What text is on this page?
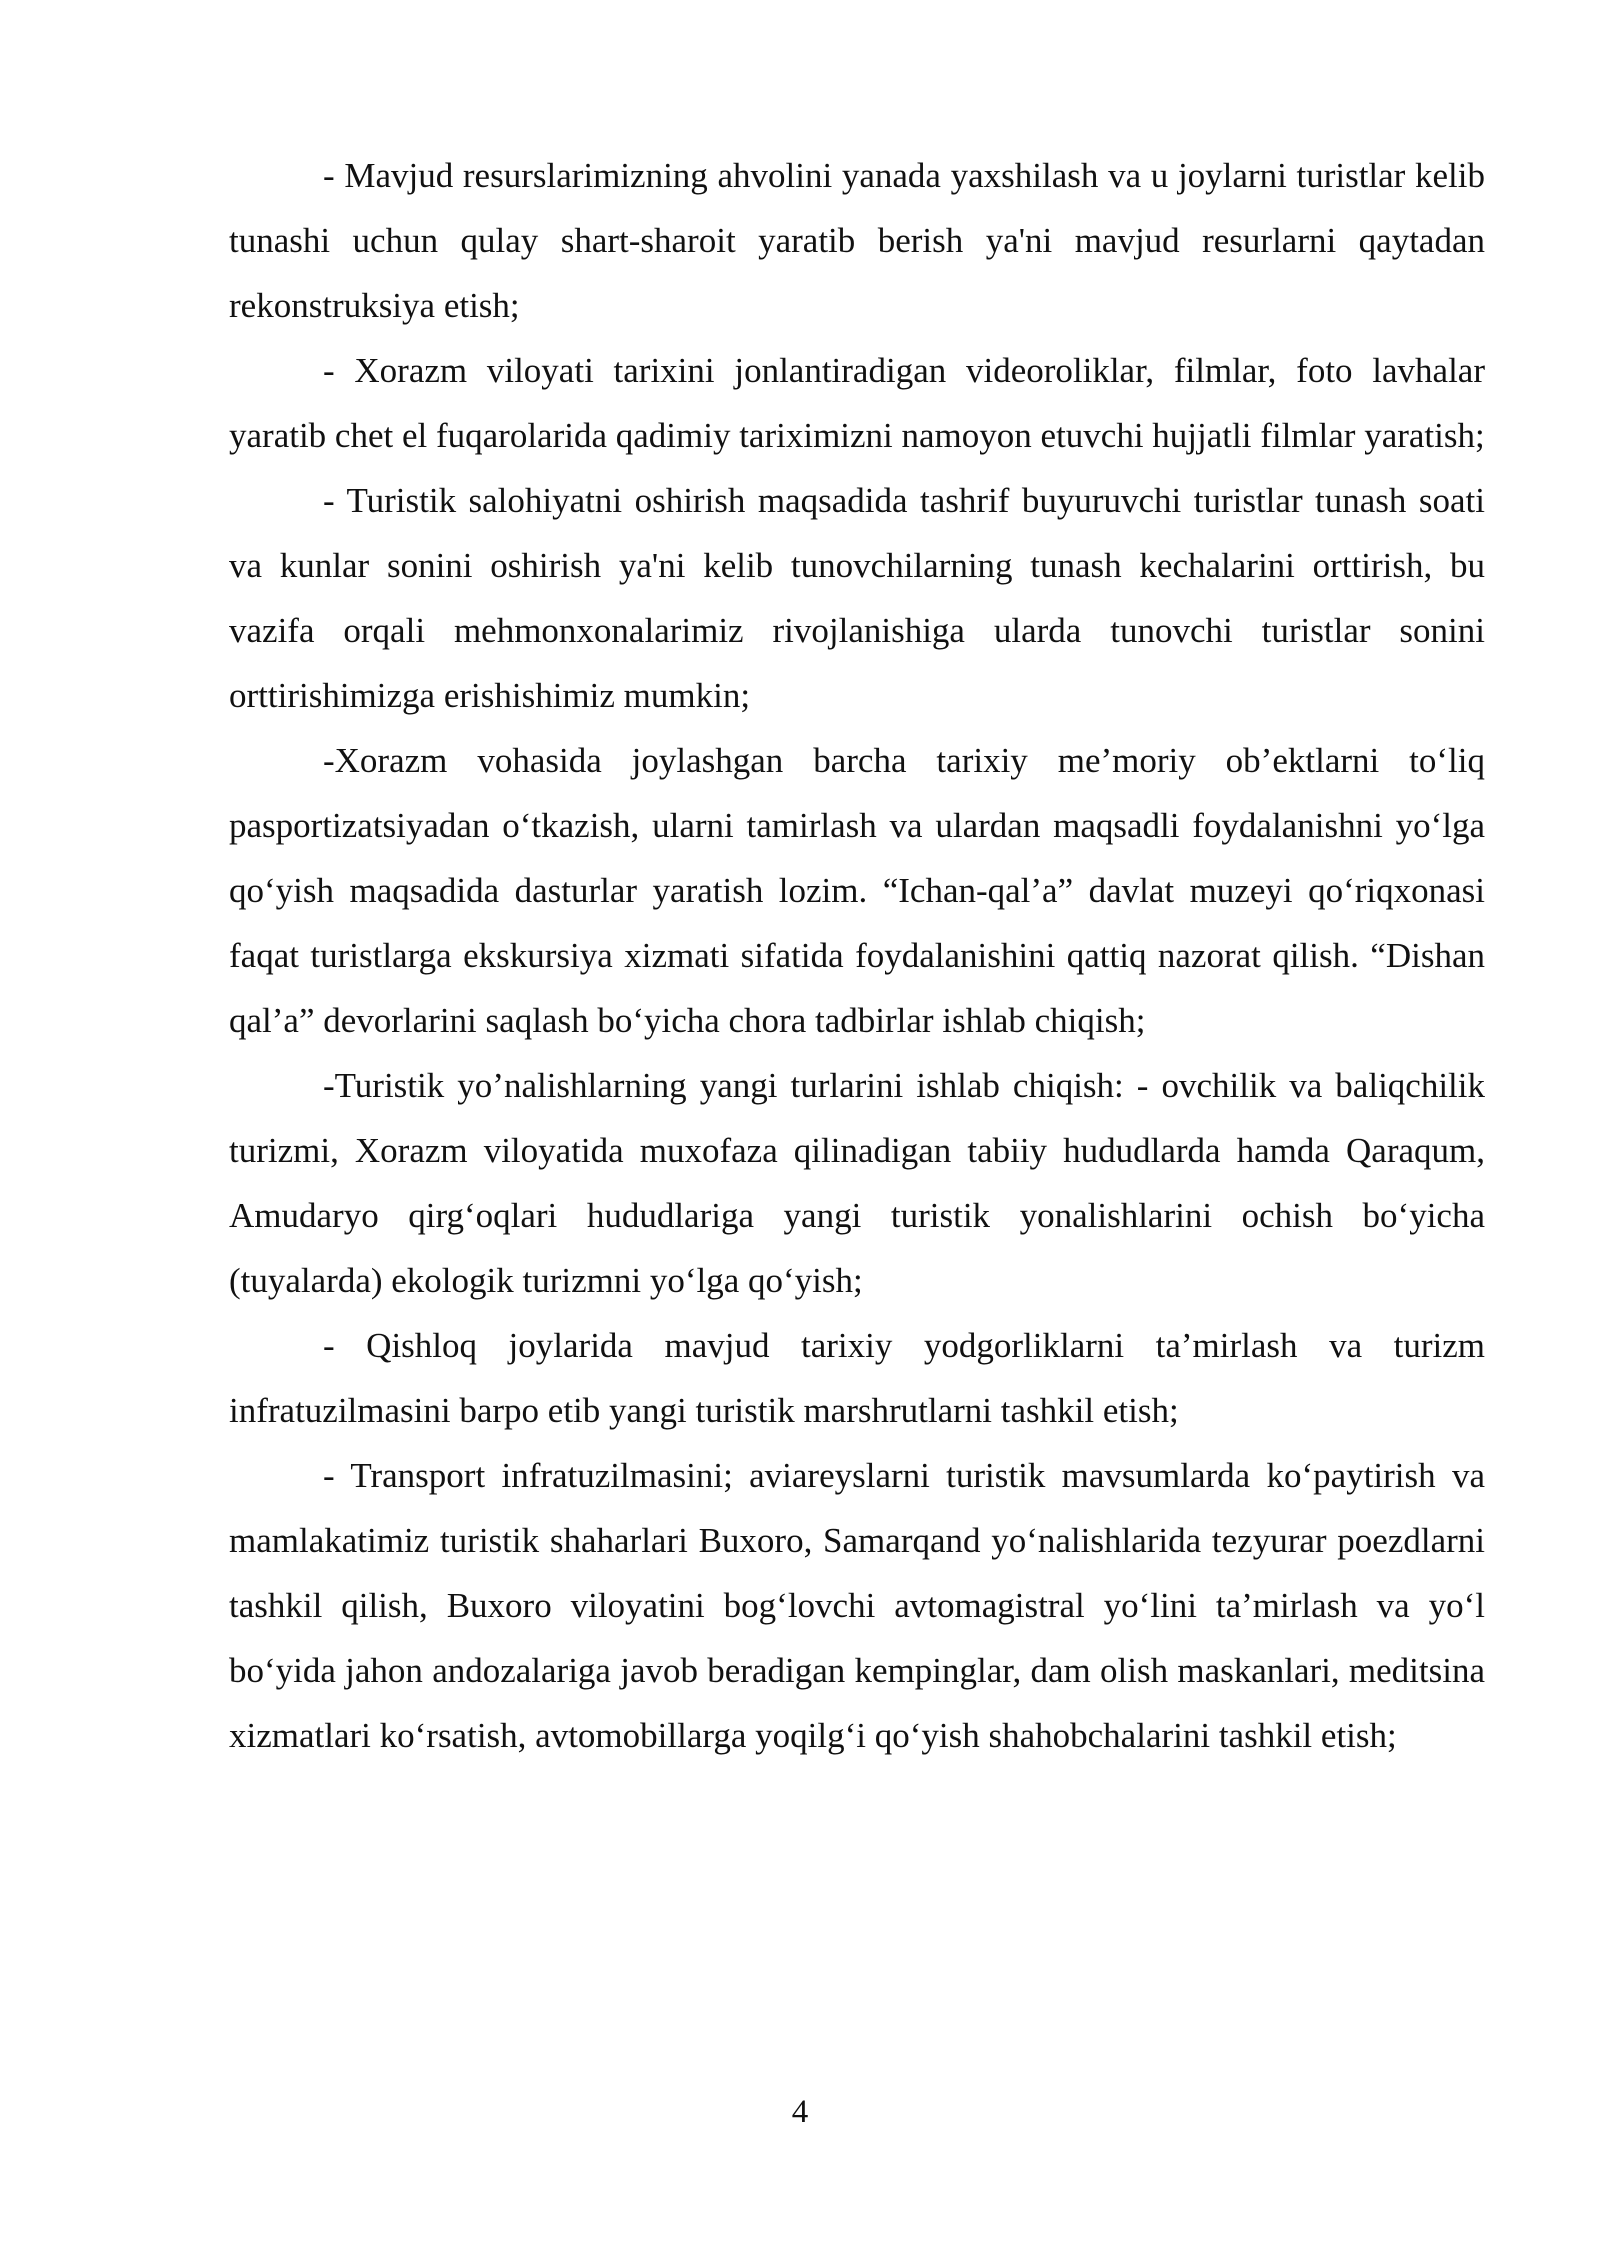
- Mavjud resurslarimizning ahvolini yanada yaxshilash va u joylarni turistlar kelib tunashi uchun qulay shart-sharoit yaratib berish ya'ni mavjud resurlarni qaytadan rekonstruksiya etish;

- Xorazm viloyati tarixini jonlantiradigan videoroliklar, filmlar, foto lavhalar yaratib chet el fuqarolarida qadimiy tariximizni namoyon etuvchi hujjatli filmlar yaratish;

- Turistik salohiyatni oshirish maqsadida tashrif buyuruvchi turistlar tunash soati va kunlar sonini oshirish ya'ni kelib tunovchilarning tunash kechalarini orttirish, bu vazifa orqali mehmonxonalarimiz rivojlanishiga ularda tunovchi turistlar sonini orttirishimizga erishishimiz mumkin;

-Xorazm vohasida joylashgan barcha tarixiy me’moriy ob’ektlarni to‘liq pasportizatsiyadan o‘tkazish, ularni tamirlash va ulardan maqsadli foydalanishni yo‘lga qo‘yish maqsadida dasturlar yaratish lozim. “Ichan-qal’a” davlat muzeyi qo‘riqxonasi faqat turistlarga ekskursiya xizmati sifatida foydalanishini qattiq nazorat qilish. “Dishan qal’a” devorlarini saqlash bo‘yicha chora tadbirlar ishlab chiqish;

-Turistik yo’nalishlarning yangi turlarini ishlab chiqish: - ovchilik va baliqchilik turizmi, Xorazm viloyatida muxofaza qilinadigan tabiiy hududlarda hamda Qaraqum, Amudaryo qirg‘oqlari hududlariga yangi turistik yonalishlarini ochish bo‘yicha (tuyalarda) ekologik turizmni yo‘lga qo‘yish;

- Qishloq joylarida mavjud tarixiy yodgorliklarni ta’mirlash va turizm infratuzilmasini barpo etib yangi turistik marshrutlarni tashkil etish;

- Transport infratuzilmasini; aviareyslarni turistik mavsumlarda ko‘paytirish va mamlakatimiz turistik shaharlari Buxoro, Samarqand yo‘nalishlarida tezyurar poezdlarni tashkil qilish, Buxoro viloyatini bog‘lovchi avtomagistral yo‘lini ta’mirlash va yo‘l bo‘yida jahon andozalariga javob beradigan kempinglar, dam olish maskanlari, meditsina xizmatlari ko‘rsatish, avtomobillarga yoqilg‘i qo‘yish shahobchalarini tashkil etish;

4
